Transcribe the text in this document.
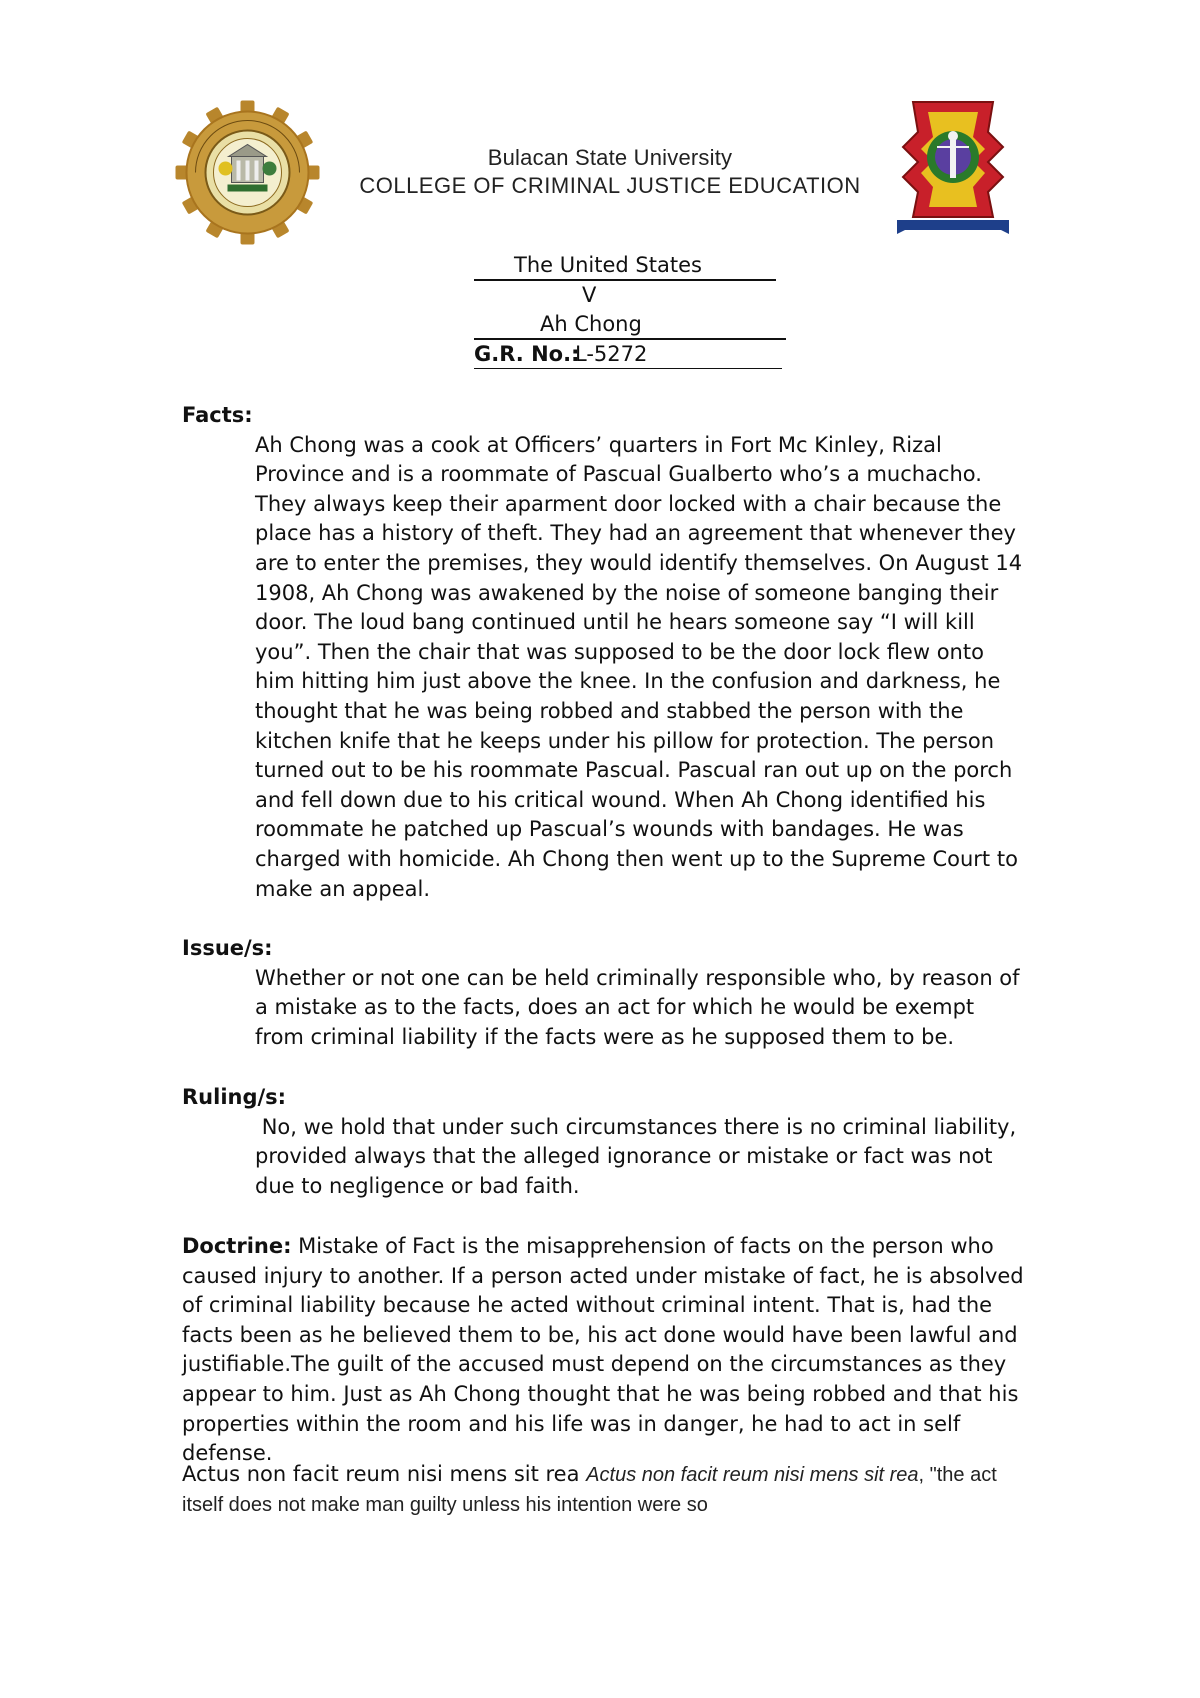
Bulacan State University
COLLEGE OF CRIMINAL JUSTICE EDUCATION
The United States
V
Ah Chong
G.R. No.:
L-5272
Facts:

Ah Chong was a cook at Officers’ quarters in Fort Mc Kinley, Rizal Province and is a roommate of Pascual Gualberto who’s a muchacho. They always keep their aparment door locked with a chair because the place has a history of theft. They had an agreement that whenever they are to enter the premises, they would identify themselves. On August 14 1908, Ah Chong was awakened by the noise of someone banging their door. The loud bang continued until he hears someone say “I will kill you”. Then the chair that was supposed to be the door lock flew onto him hitting him just above the knee. In the confusion and darkness, he thought that he was being robbed and stabbed the person with the kitchen knife that he keeps under his pillow for protection. The person turned out to be his roommate Pascual. Pascual ran out up on the porch and fell down due to his critical wound. When Ah Chong identified his roommate he patched up Pascual’s wounds with bandages. He was charged with homicide. Ah Chong then went up to the Supreme Court to make an appeal.

Issue/s:

Whether or not one can be held criminally responsible who, by reason of a mistake as to the facts, does an act for which he would be exempt from criminal liability if the facts were as he supposed them to be.

Ruling/s:

No, we hold that under such circumstances there is no criminal liability, provided always that the alleged ignorance or mistake or fact was not due to negligence or bad faith.

Doctrine: Mistake of Fact is the misapprehension of facts on the person who caused injury to another. If a person acted under mistake of fact, he is absolved of criminal liability because he acted without criminal intent. That is, had the facts been as he believed them to be, his act done would have been lawful and justifiable.The guilt of the accused must depend on the circumstances as they appear to him. Just as Ah Chong thought that he was being robbed and that his properties within the room and his life was in danger, he had to act in self defense.

Actus non facit reum nisi mens sit rea Actus non facit reum nisi mens sit rea, "the act itself does not make man guilty unless his intention were so
